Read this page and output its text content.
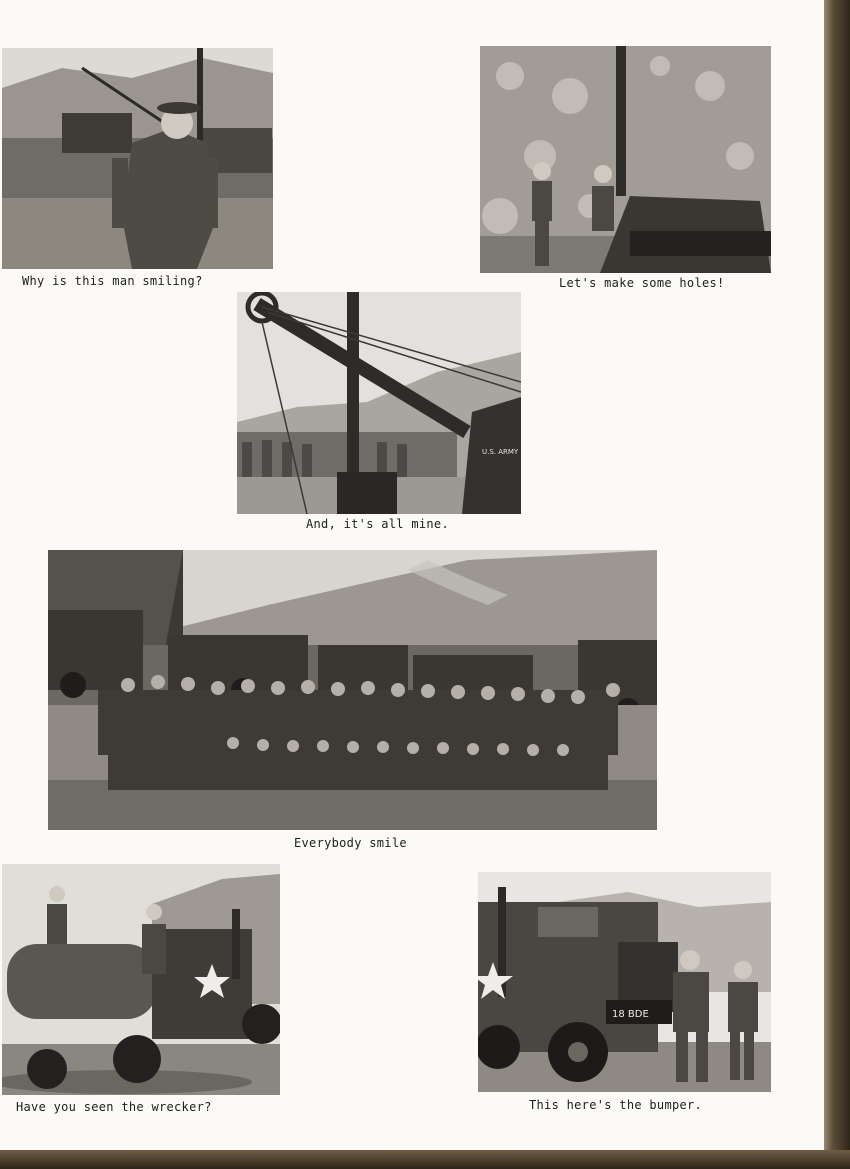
Why is this man smiling?	Let's make some holes!
U.S. ARMY
And, it's all mine.
Everybody smile
Have you seen the wrecker?
18 BDE
This here's the bumper.
